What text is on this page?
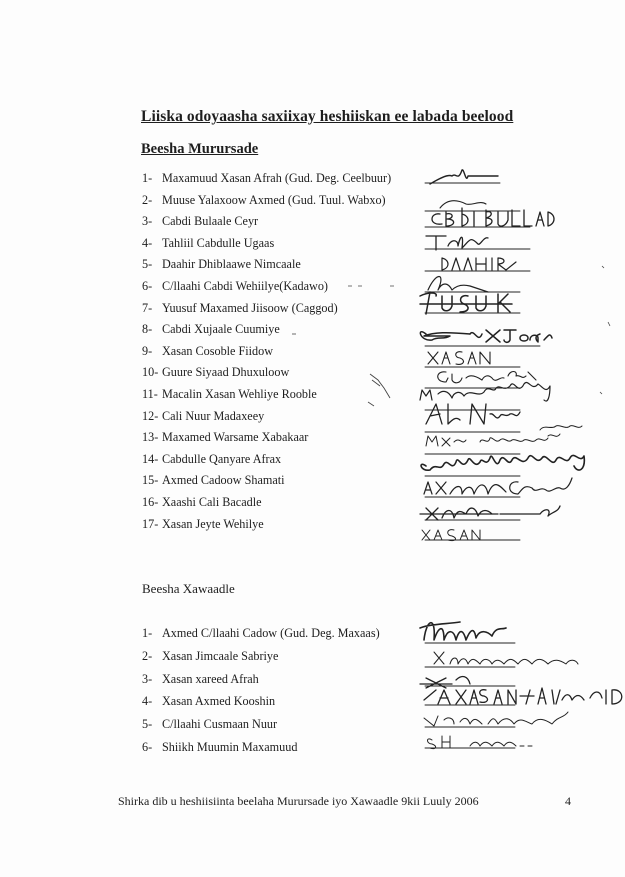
Liiska odoyaasha saxiixay heshiiskan ee labada beelood
Beesha Murursade
1- Maxamuud Xasan Afrah (Gud. Deg. Ceelbuur)
2- Muuse Yalaxoow Axmed (Gud. Tuul. Wabxo)
3- Cabdi Bulaale Ceyr
4- Tahliil Cabdulle Ugaas
5- Daahir Dhiblaawe Nimcaale
6- C/llaahi Cabdi Wehiilye(Kadawo)
7- Yuusuf Maxamed Jiisoow (Caggod)
8- Cabdi Xujaale Cuumiye
9- Xasan Cosoble Fiidow
10- Guure Siyaad Dhuxuloow
11- Macalin Xasan Wehliye Rooble
12- Cali Nuur Madaxeey
13- Maxamed Warsame Xabakaar
14- Cabdulle Qanyare Afrax
15- Axmed Cadoow Shamati
16- Xaashi Cali Bacadle
17- Xasan Jeyte Wehilye
Beesha Xawaadle
1- Axmed C/llaahi Cadow (Gud. Deg. Maxaas)
2- Xasan Jimcaale Sabriye
3- Xasan xareed Afrah
4- Xasan Axmed Kooshin
5- C/llaahi Cusmaan Nuur
6- Shiikh Muumin Maxamuud
Shirka dib u heshiisiinta beelaha Murursade iyo Xawaadle 9kii Luuly 2006	4
